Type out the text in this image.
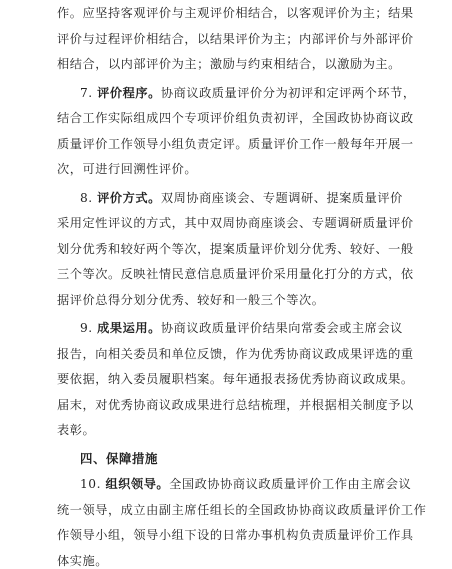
作。应坚持客观评价与主观评价相结合，以客观评价为主；结果
评价与过程评价相结合，以结果评价为主；内部评价与外部评价
相结合，以内部评价为主；激励与约束相结合，以激励为主。
7. 评价程序。协商议政质量评价分为初评和定评两个环节，
结合工作实际组成四个专项评价组负责初评，全国政协协商议政
质量评价工作领导小组负责定评。质量评价工作一般每年开展一
次，可进行回溯性评价。
8. 评价方式。双周协商座谈会、专题调研、提案质量评价
采用定性评议的方式，其中双周协商座谈会、专题调研质量评价
划分优秀和较好两个等次，提案质量评价划分优秀、较好、一般
三个等次。反映社情民意信息质量评价采用量化打分的方式，依
据评价总得分划分优秀、较好和一般三个等次。
9. 成果运用。协商议政质量评价结果向常委会或主席会议
报告，向相关委员和单位反馈，作为优秀协商议政成果评选的重
要依据，纳入委员履职档案。每年通报表扬优秀协商议政成果。
届末，对优秀协商议政成果进行总结梳理，并根据相关制度予以
表彰。
四、保障措施
10. 组织领导。全国政协协商议政质量评价工作由主席会议
统一领导，成立由副主席任组长的全国政协协商议政质量评价工作
作领导小组，领导小组下设的日常办事机构负责质量评价工作具
体实施。
